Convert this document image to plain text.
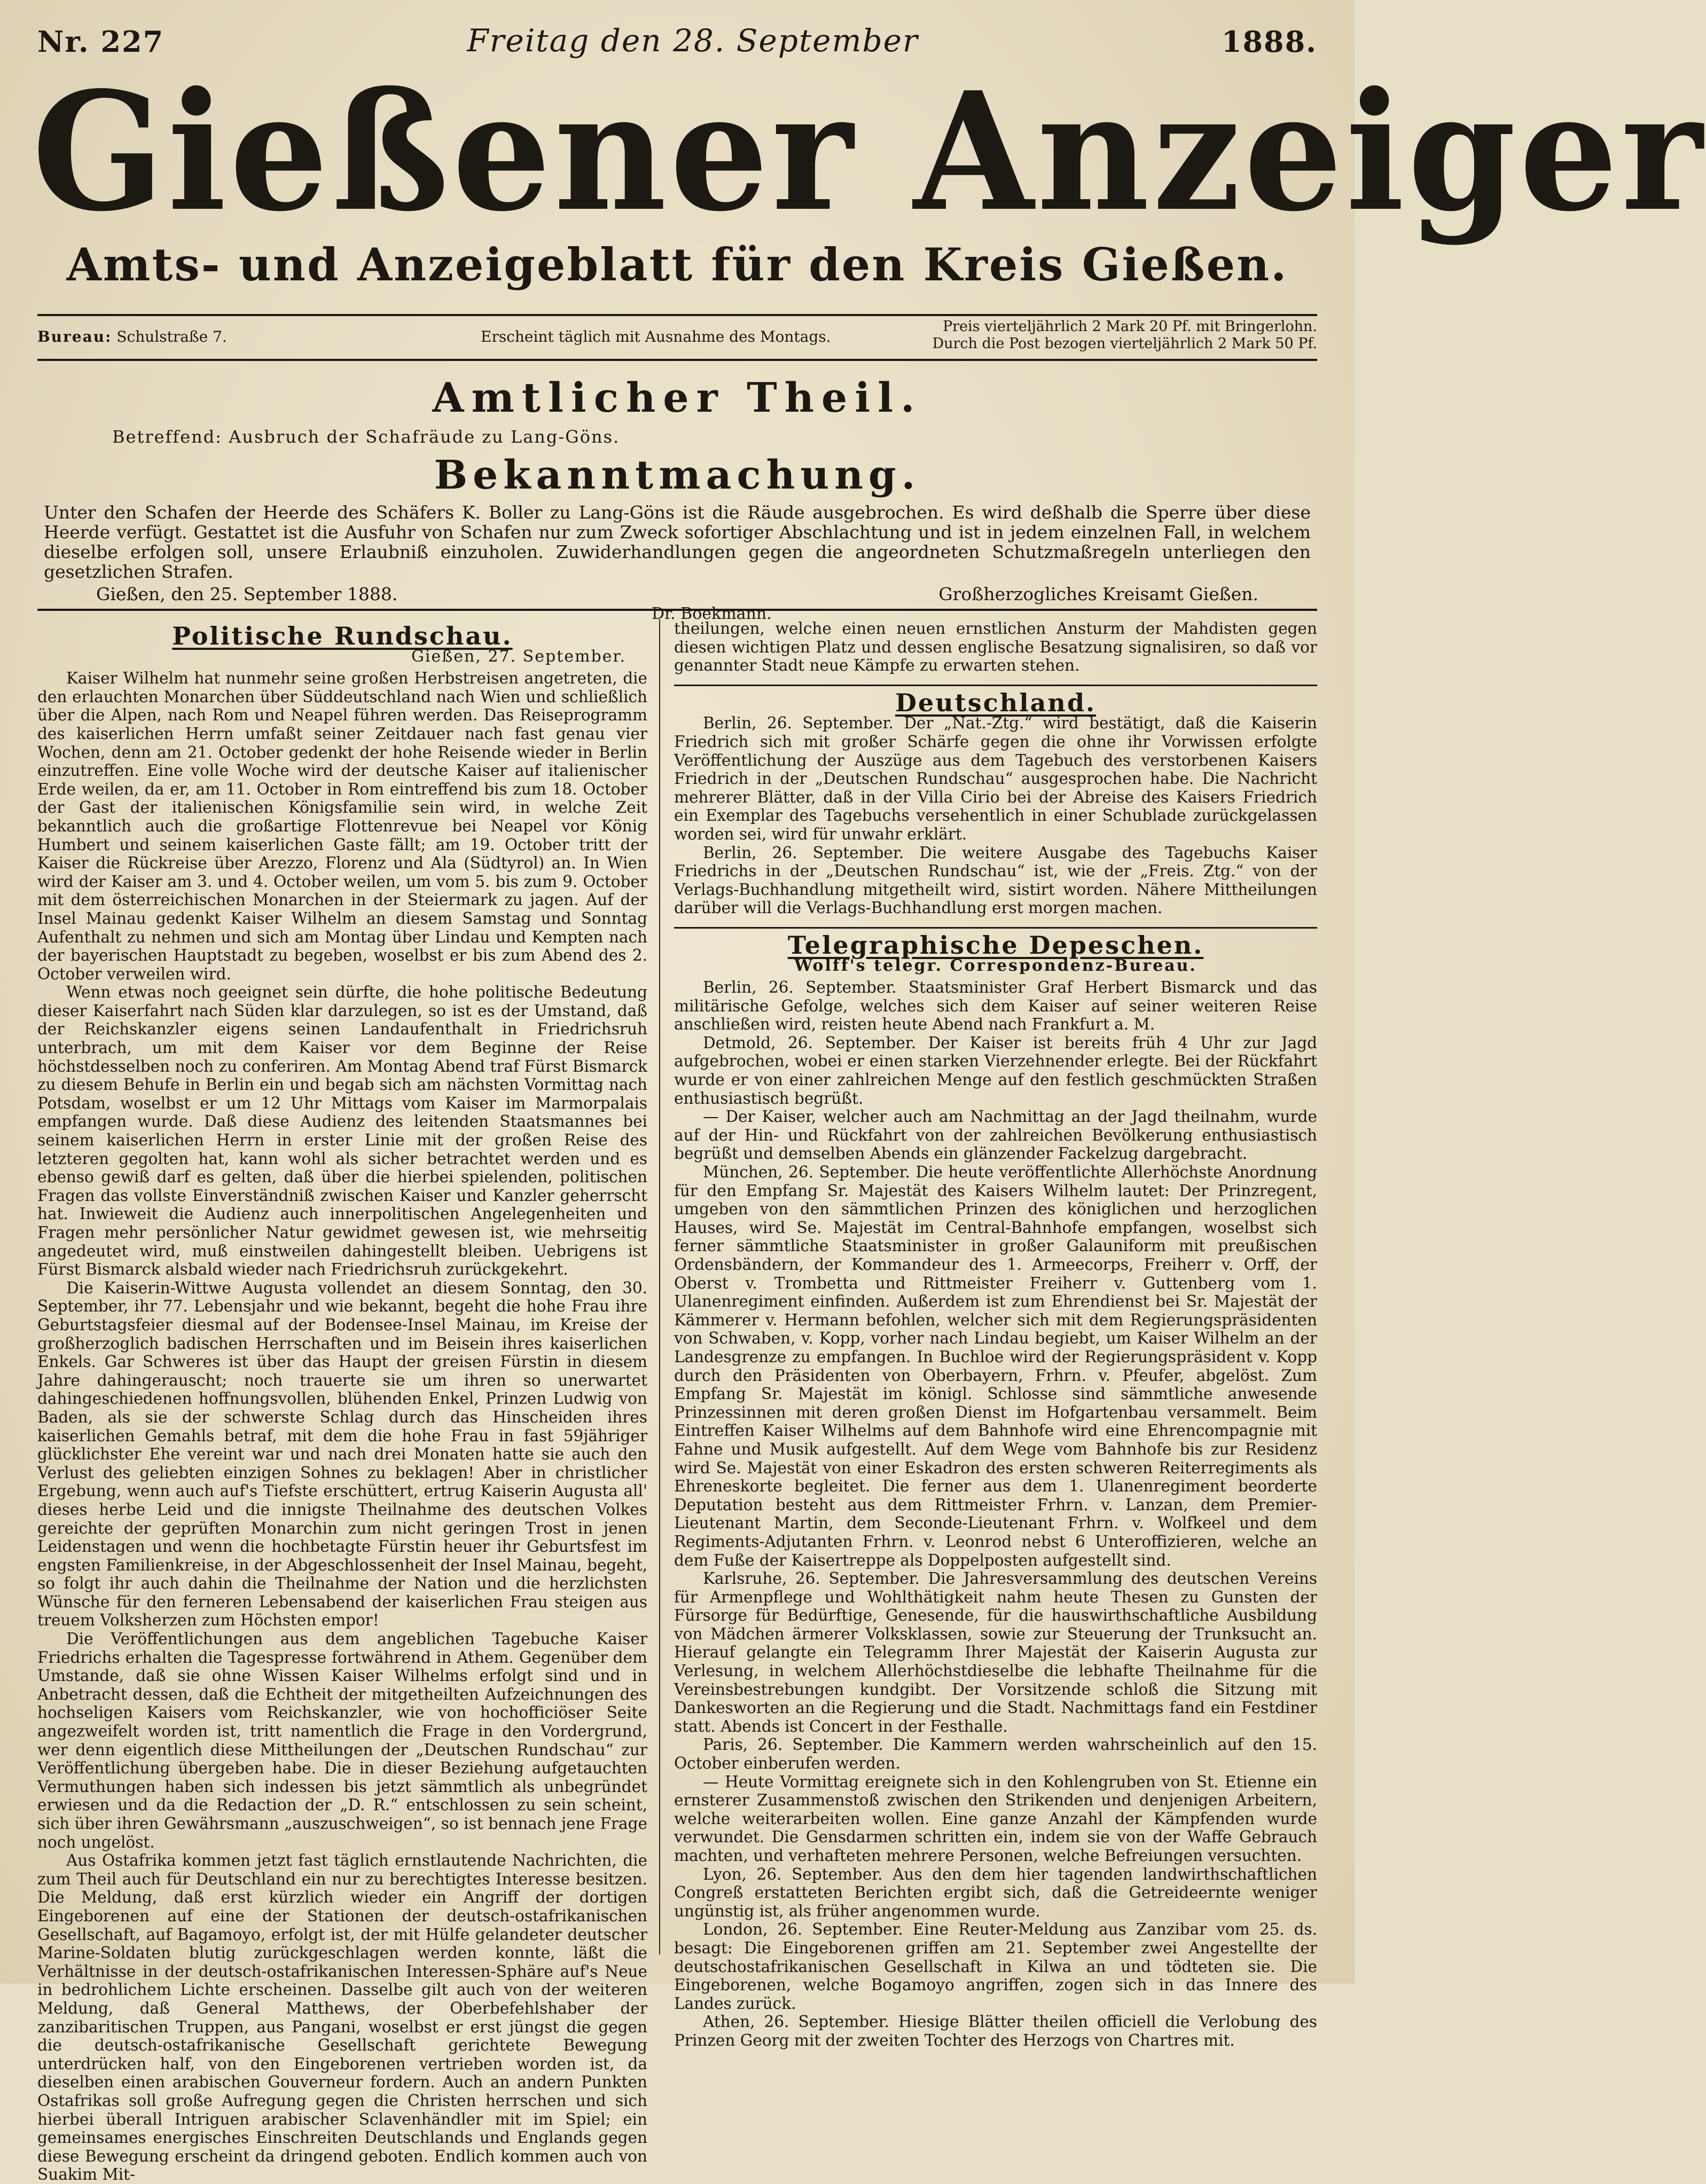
Nr. 227	Freitag den 28. September	1888.
Gießener Anzeiger
Amts- und Anzeigeblatt für den Kreis Gießen.
Bureau: Schulstraße 7.	Erscheint täglich mit Ausnahme des Montags.
Preis vierteljährlich 2 Mark 20 Pf. mit Bringerlohn.
Durch die Post bezogen vierteljährlich 2 Mark 50 Pf.
Amtlicher Theil.
Betreffend: Ausbruch der Schafräude zu Lang-Göns.
Bekanntmachung.
Unter den Schafen der Heerde des Schäfers K. Boller zu Lang-Göns ist die Räude ausgebrochen. Es wird deßhalb die Sperre über diese Heerde verfügt. Gestattet ist die Ausfuhr von Schafen nur zum Zweck sofortiger Abschlachtung und ist in jedem einzelnen Fall, in welchem dieselbe erfolgen soll, unsere Erlaubniß einzuholen. Zuwiderhandlungen gegen die angeordneten Schutzmaßregeln unterliegen den gesetzlichen Strafen.
Gießen, den 25. September 1888.	Großherzogliches Kreisamt Gießen.
Dr. Boekmann.
Politische Rundschau.
Gießen, 27. September.

Kaiser Wilhelm hat nunmehr seine großen Herbstreisen angetreten, die den erlauchten Monarchen über Süddeutschland nach Wien und schließlich über die Alpen, nach Rom und Neapel führen werden. Das Reiseprogramm des kaiserlichen Herrn umfaßt seiner Zeitdauer nach fast genau vier Wochen, denn am 21. October gedenkt der hohe Reisende wieder in Berlin einzutreffen. Eine volle Woche wird der deutsche Kaiser auf italienischer Erde weilen, da er, am 11. October in Rom eintreffend bis zum 18. October der Gast der italienischen Königsfamilie sein wird, in welche Zeit bekanntlich auch die großartige Flottenrevue bei Neapel vor König Humbert und seinem kaiserlichen Gaste fällt; am 19. October tritt der Kaiser die Rückreise über Arezzo, Florenz und Ala (Südtyrol) an. In Wien wird der Kaiser am 3. und 4. October weilen, um vom 5. bis zum 9. October mit dem österreichischen Monarchen in der Steiermark zu jagen. Auf der Insel Mainau gedenkt Kaiser Wilhelm an diesem Samstag und Sonntag Aufenthalt zu nehmen und sich am Montag über Lindau und Kempten nach der bayerischen Hauptstadt zu begeben, woselbst er bis zum Abend des 2. October verweilen wird.

Wenn etwas noch geeignet sein dürfte, die hohe politische Bedeutung dieser Kaiserfahrt nach Süden klar darzulegen, so ist es der Umstand, daß der Reichskanzler eigens seinen Landaufenthalt in Friedrichsruh unterbrach, um mit dem Kaiser vor dem Beginne der Reise höchstdesselben noch zu conferiren. Am Montag Abend traf Fürst Bismarck zu diesem Behufe in Berlin ein und begab sich am nächsten Vormittag nach Potsdam, woselbst er um 12 Uhr Mittags vom Kaiser im Marmorpalais empfangen wurde. Daß diese Audienz des leitenden Staatsmannes bei seinem kaiserlichen Herrn in erster Linie mit der großen Reise des letzteren gegolten hat, kann wohl als sicher betrachtet werden und es ebenso gewiß darf es gelten, daß über die hierbei spielenden, politischen Fragen das vollste Einverständniß zwischen Kaiser und Kanzler geherrscht hat. Inwieweit die Audienz auch innerpolitischen Angelegenheiten und Fragen mehr persönlicher Natur gewidmet gewesen ist, wie mehrseitig angedeutet wird, muß einstweilen dahingestellt bleiben. Uebrigens ist Fürst Bismarck alsbald wieder nach Friedrichsruh zurückgekehrt.

Die Kaiserin-Wittwe Augusta vollendet an diesem Sonntag, den 30. September, ihr 77. Lebensjahr und wie bekannt, begeht die hohe Frau ihre Geburtstagsfeier diesmal auf der Bodensee-Insel Mainau, im Kreise der großherzoglich badischen Herrschaften und im Beisein ihres kaiserlichen Enkels. Gar Schweres ist über das Haupt der greisen Fürstin in diesem Jahre dahingerauscht; noch trauerte sie um ihren so unerwartet dahingeschiedenen hoffnungsvollen, blühenden Enkel, Prinzen Ludwig von Baden, als sie der schwerste Schlag durch das Hinscheiden ihres kaiserlichen Gemahls betraf, mit dem die hohe Frau in fast 59jähriger glücklichster Ehe vereint war und nach drei Monaten hatte sie auch den Verlust des geliebten einzigen Sohnes zu beklagen! Aber in christlicher Ergebung, wenn auch auf's Tiefste erschüttert, ertrug Kaiserin Augusta all' dieses herbe Leid und die innigste Theilnahme des deutschen Volkes gereichte der geprüften Monarchin zum nicht geringen Trost in jenen Leidenstagen und wenn die hochbetagte Fürstin heuer ihr Geburtsfest im engsten Familienkreise, in der Abgeschlossenheit der Insel Mainau, begeht, so folgt ihr auch dahin die Theilnahme der Nation und die herzlichsten Wünsche für den ferneren Lebensabend der kaiserlichen Frau steigen aus treuem Volksherzen zum Höchsten empor!

Die Veröffentlichungen aus dem angeblichen Tagebuche Kaiser Friedrichs erhalten die Tagespresse fortwährend in Athem. Gegenüber dem Umstande, daß sie ohne Wissen Kaiser Wilhelms erfolgt sind und in Anbetracht dessen, daß die Echtheit der mitgetheilten Aufzeichnungen des hochseligen Kaisers vom Reichskanzler, wie von hochofficiöser Seite angezweifelt worden ist, tritt namentlich die Frage in den Vordergrund, wer denn eigentlich diese Mittheilungen der „Deutschen Rundschau“ zur Veröffentlichung übergeben habe. Die in dieser Beziehung aufgetauchten Vermuthungen haben sich indessen bis jetzt sämmtlich als unbegründet erwiesen und da die Redaction der „D. R.“ entschlossen zu sein scheint, sich über ihren Gewährsmann „auszuschweigen“, so ist bennach jene Frage noch ungelöst.

Aus Ostafrika kommen jetzt fast täglich ernstlautende Nachrichten, die zum Theil auch für Deutschland ein nur zu berechtigtes Interesse besitzen. Die Meldung, daß erst kürzlich wieder ein Angriff der dortigen Eingeborenen auf eine der Stationen der deutsch-ostafrikanischen Gesellschaft, auf Bagamoyo, erfolgt ist, der mit Hülfe gelandeter deutscher Marine-Soldaten blutig zurückgeschlagen werden konnte, läßt die Verhältnisse in der deutsch-ostafrikanischen Interessen-Sphäre auf's Neue in bedrohlichem Lichte erscheinen. Dasselbe gilt auch von der weiteren Meldung, daß General Matthews, der Oberbefehlshaber der zanzibaritischen Truppen, aus Pangani, woselbst er erst jüngst die gegen die deutsch-ostafrikanische Gesellschaft gerichtete Bewegung unterdrücken half, von den Eingeborenen vertrieben worden ist, da dieselben einen arabischen Gouverneur fordern. Auch an andern Punkten Ostafrikas soll große Aufregung gegen die Christen herrschen und sich hierbei überall Intriguen arabischer Sclavenhändler mit im Spiel; ein gemeinsames energisches Einschreiten Deutschlands und Englands gegen diese Bewegung erscheint da dringend geboten. Endlich kommen auch von Suakim Mit-

theilungen, welche einen neuen ernstlichen Ansturm der Mahdisten gegen diesen wichtigen Platz und dessen englische Besatzung signalisiren, so daß vor genannter Stadt neue Kämpfe zu erwarten stehen.

Deutschland.

Berlin, 26. September. Der „Nat.-Ztg.“ wird bestätigt, daß die Kaiserin Friedrich sich mit großer Schärfe gegen die ohne ihr Vorwissen erfolgte Veröffentlichung der Auszüge aus dem Tagebuch des verstorbenen Kaisers Friedrich in der „Deutschen Rundschau“ ausgesprochen habe. Die Nachricht mehrerer Blätter, daß in der Villa Cirio bei der Abreise des Kaisers Friedrich ein Exemplar des Tagebuchs versehentlich in einer Schublade zurückgelassen worden sei, wird für unwahr erklärt.

Berlin, 26. September. Die weitere Ausgabe des Tagebuchs Kaiser Friedrichs in der „Deutschen Rundschau“ ist, wie der „Freis. Ztg.“ von der Verlags-Buchhandlung mitgetheilt wird, sistirt worden. Nähere Mittheilungen darüber will die Verlags-Buchhandlung erst morgen machen.

Telegraphische Depeschen.
Wolff's telegr. Correspondenz-Bureau.

Berlin, 26. September. Staatsminister Graf Herbert Bismarck und das militärische Gefolge, welches sich dem Kaiser auf seiner weiteren Reise anschließen wird, reisten heute Abend nach Frankfurt a. M.

Detmold, 26. September. Der Kaiser ist bereits früh 4 Uhr zur Jagd aufgebrochen, wobei er einen starken Vierzehnender erlegte. Bei der Rückfahrt wurde er von einer zahlreichen Menge auf den festlich geschmückten Straßen enthusiastisch begrüßt.

— Der Kaiser, welcher auch am Nachmittag an der Jagd theilnahm, wurde auf der Hin- und Rückfahrt von der zahlreichen Bevölkerung enthusiastisch begrüßt und demselben Abends ein glänzender Fackelzug dargebracht.

München, 26. September. Die heute veröffentlichte Allerhöchste Anordnung für den Empfang Sr. Majestät des Kaisers Wilhelm lautet: Der Prinzregent, umgeben von den sämmtlichen Prinzen des königlichen und herzoglichen Hauses, wird Se. Majestät im Central-Bahnhofe empfangen, woselbst sich ferner sämmtliche Staatsminister in großer Galauniform mit preußischen Ordensbändern, der Kommandeur des 1. Armeecorps, Freiherr v. Orff, der Oberst v. Trombetta und Rittmeister Freiherr v. Guttenberg vom 1. Ulanenregiment einfinden. Außerdem ist zum Ehrendienst bei Sr. Majestät der Kämmerer v. Hermann befohlen, welcher sich mit dem Regierungspräsidenten von Schwaben, v. Kopp, vorher nach Lindau begiebt, um Kaiser Wilhelm an der Landesgrenze zu empfangen. In Buchloe wird der Regierungspräsident v. Kopp durch den Präsidenten von Oberbayern, Frhrn. v. Pfeufer, abgelöst. Zum Empfang Sr. Majestät im königl. Schlosse sind sämmtliche anwesende Prinzessinnen mit deren großen Dienst im Hofgartenbau versammelt. Beim Eintreffen Kaiser Wilhelms auf dem Bahnhofe wird eine Ehrencompagnie mit Fahne und Musik aufgestellt. Auf dem Wege vom Bahnhofe bis zur Residenz wird Se. Majestät von einer Eskadron des ersten schweren Reiterregiments als Ehreneskorte begleitet. Die ferner aus dem 1. Ulanenregiment beorderte Deputation besteht aus dem Rittmeister Frhrn. v. Lanzan, dem Premier-Lieutenant Martin, dem Seconde-Lieutenant Frhrn. v. Wolfkeel und dem Regiments-Adjutanten Frhrn. v. Leonrod nebst 6 Unteroffizieren, welche an dem Fuße der Kaisertreppe als Doppelposten aufgestellt sind.

Karlsruhe, 26. September. Die Jahresversammlung des deutschen Vereins für Armenpflege und Wohlthätigkeit nahm heute Thesen zu Gunsten der Fürsorge für Bedürftige, Genesende, für die hauswirthschaftliche Ausbildung von Mädchen ärmerer Volksklassen, sowie zur Steuerung der Trunksucht an. Hierauf gelangte ein Telegramm Ihrer Majestät der Kaiserin Augusta zur Verlesung, in welchem Allerhöchstdieselbe die lebhafte Theilnahme für die Vereinsbestrebungen kundgibt. Der Vorsitzende schloß die Sitzung mit Dankesworten an die Regierung und die Stadt. Nachmittags fand ein Festdiner statt. Abends ist Concert in der Festhalle.

Paris, 26. September. Die Kammern werden wahrscheinlich auf den 15. October einberufen werden.

— Heute Vormittag ereignete sich in den Kohlengruben von St. Etienne ein ernsterer Zusammenstoß zwischen den Strikenden und denjenigen Arbeitern, welche weiterarbeiten wollen. Eine ganze Anzahl der Kämpfenden wurde verwundet. Die Gensdarmen schritten ein, indem sie von der Waffe Gebrauch machten, und verhafteten mehrere Personen, welche Befreiungen versuchten.

Lyon, 26. September. Aus den dem hier tagenden landwirthschaftlichen Congreß erstatteten Berichten ergibt sich, daß die Getreideernte weniger ungünstig ist, als früher angenommen wurde.

London, 26. September. Eine Reuter-Meldung aus Zanzibar vom 25. ds. besagt: Die Eingeborenen griffen am 21. September zwei Angestellte der deutschostafrikanischen Gesellschaft in Kilwa an und tödteten sie. Die Eingeborenen, welche Bogamoyo angriffen, zogen sich in das Innere des Landes zurück.

Athen, 26. September. Hiesige Blätter theilen officiell die Verlobung des Prinzen Georg mit der zweiten Tochter des Herzogs von Chartres mit.
